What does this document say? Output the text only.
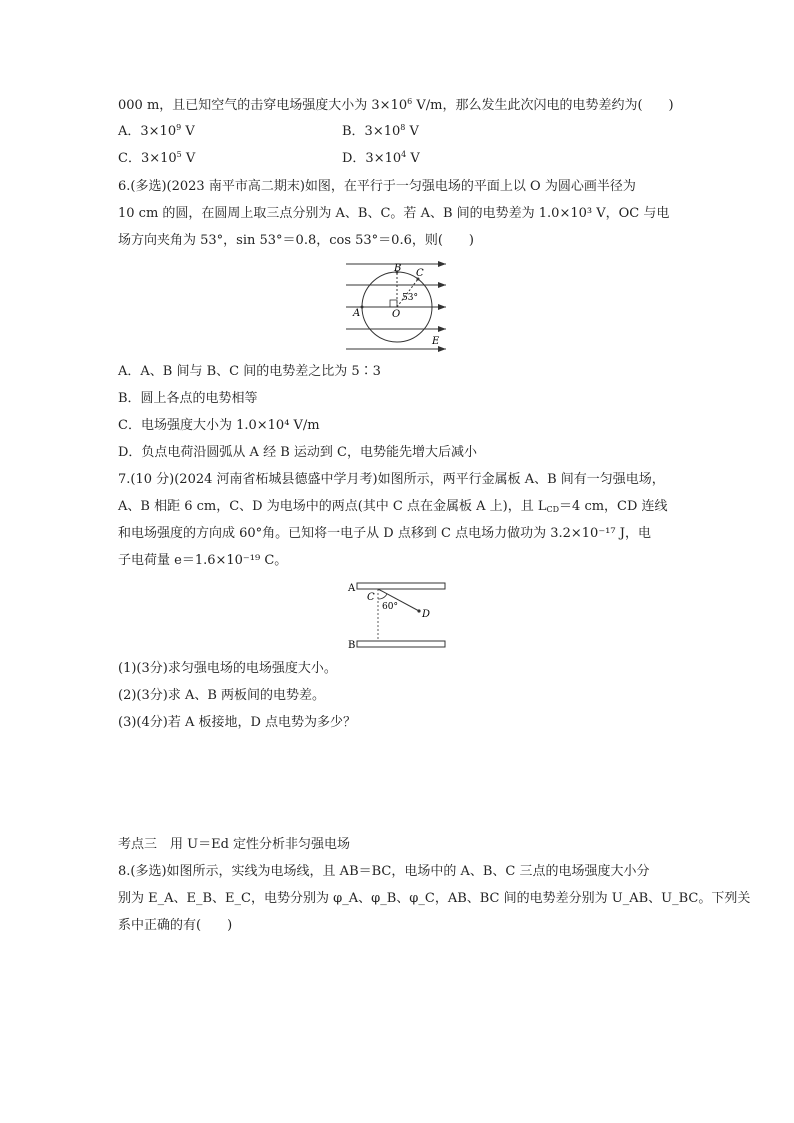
000 m，且已知空气的击穿电场强度大小为 $3\times 10^6$ V/m，那么发生此次闪电的电势差约为(　　)
A．$3\times 10^9$ V	B．$3\times 10^8$ V
C．$3\times 10^5$ V	D．$3\times 10^4$ V
6.(多选)(2023 南平市高二期末)如图，在平行于一匀强电场的平面上以 O 为圆心画半径为
10 cm 的圆，在圆周上取三点分别为 A、B、C。若 A、B 间的电势差为 1.0×10³ V，OC 与电
场方向夹角为 53°，sin 53°＝0.8，cos 53°＝0.6，则(　　)
B C
A	O
E
53°
A．A、B 间与 B、C 间的电势差之比为 5∶3
B．圆上各点的电势相等
C．电场强度大小为 1.0×10⁴ V/m
D．负点电荷沿圆弧从 A 经 B 运动到 C，电势能先增大后减小
7.(10 分)(2024 河南省柘城县德盛中学月考)如图所示，两平行金属板 A、B 间有一匀强电场，
A、B 相距 6 cm，C、D 为电场中的两点(其中 C 点在金属板 A 上)，且 $L_{CD}=4$ cm，CD 连线
和电场强度的方向成 60°角。已知将一电子从 D 点移到 C 点电场力做功为 3.2×10⁻¹⁷ J，电
子电荷量 e＝1.6×10⁻¹⁹ C。
A
B
C
D
60°
(1)(3分)求匀强电场的电场强度大小。
(2)(3分)求 A、B 两板间的电势差。
(3)(4分)若 A 板接地，D 点电势为多少？
考点三　用 U＝Ed 定性分析非匀强电场
8.(多选)如图所示，实线为电场线，且 AB＝BC，电场中的 A、B、C 三点的电场强度大小分
别为 E_A、E_B、E_C，电势分别为 φ_A、φ_B、φ_C，AB、BC 间的电势差分别为 U_AB、U_BC。下列关
系中正确的有(　　)
